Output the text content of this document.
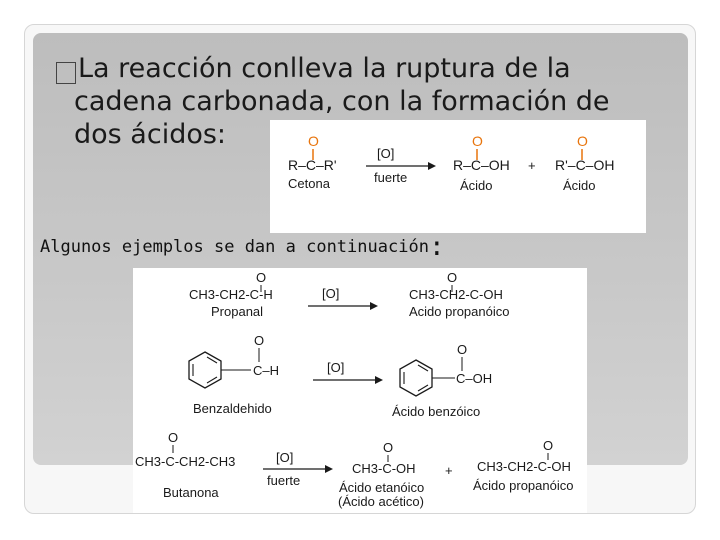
La reacción conlleva la ruptura de la
cadena carbonada, con la formación de
dos ácidos:	O
R–C–R'
Cetona
[O]
fuerte
O
R–C–OH +
O
R'–C–OH
Ácido	Ácido
Algunos ejemplos se dan a continuación:
O
CH3-CH2-C-H
Propanal
[O]
O
CH3-CH2-C-OH
Acido propanóico
O
C–H
Benzaldehido
[O]
O
C–OH
Ácido benzóico
O
CH3-C-CH2-CH3
Butanona
[O]
fuerte
O
CH3-C-OH +
O
CH3-CH2-C-OH
Ácido etanóico
(Ácido acético)
Ácido propanóico
